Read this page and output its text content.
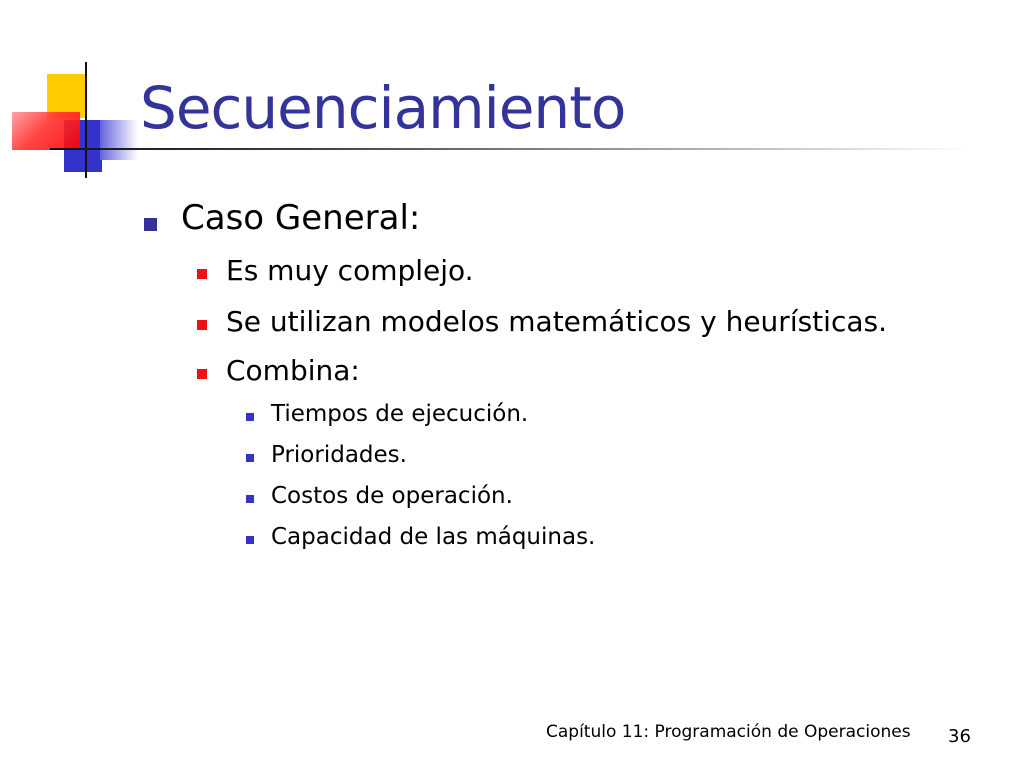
Secuenciamiento
Caso General:
Es muy complejo.
Se utilizan modelos matemáticos y heurísticas.
Combina:
Tiempos de ejecución.
Prioridades.
Costos de operación.
Capacidad de las máquinas.
Capítulo 11: Programación de Operaciones 36
